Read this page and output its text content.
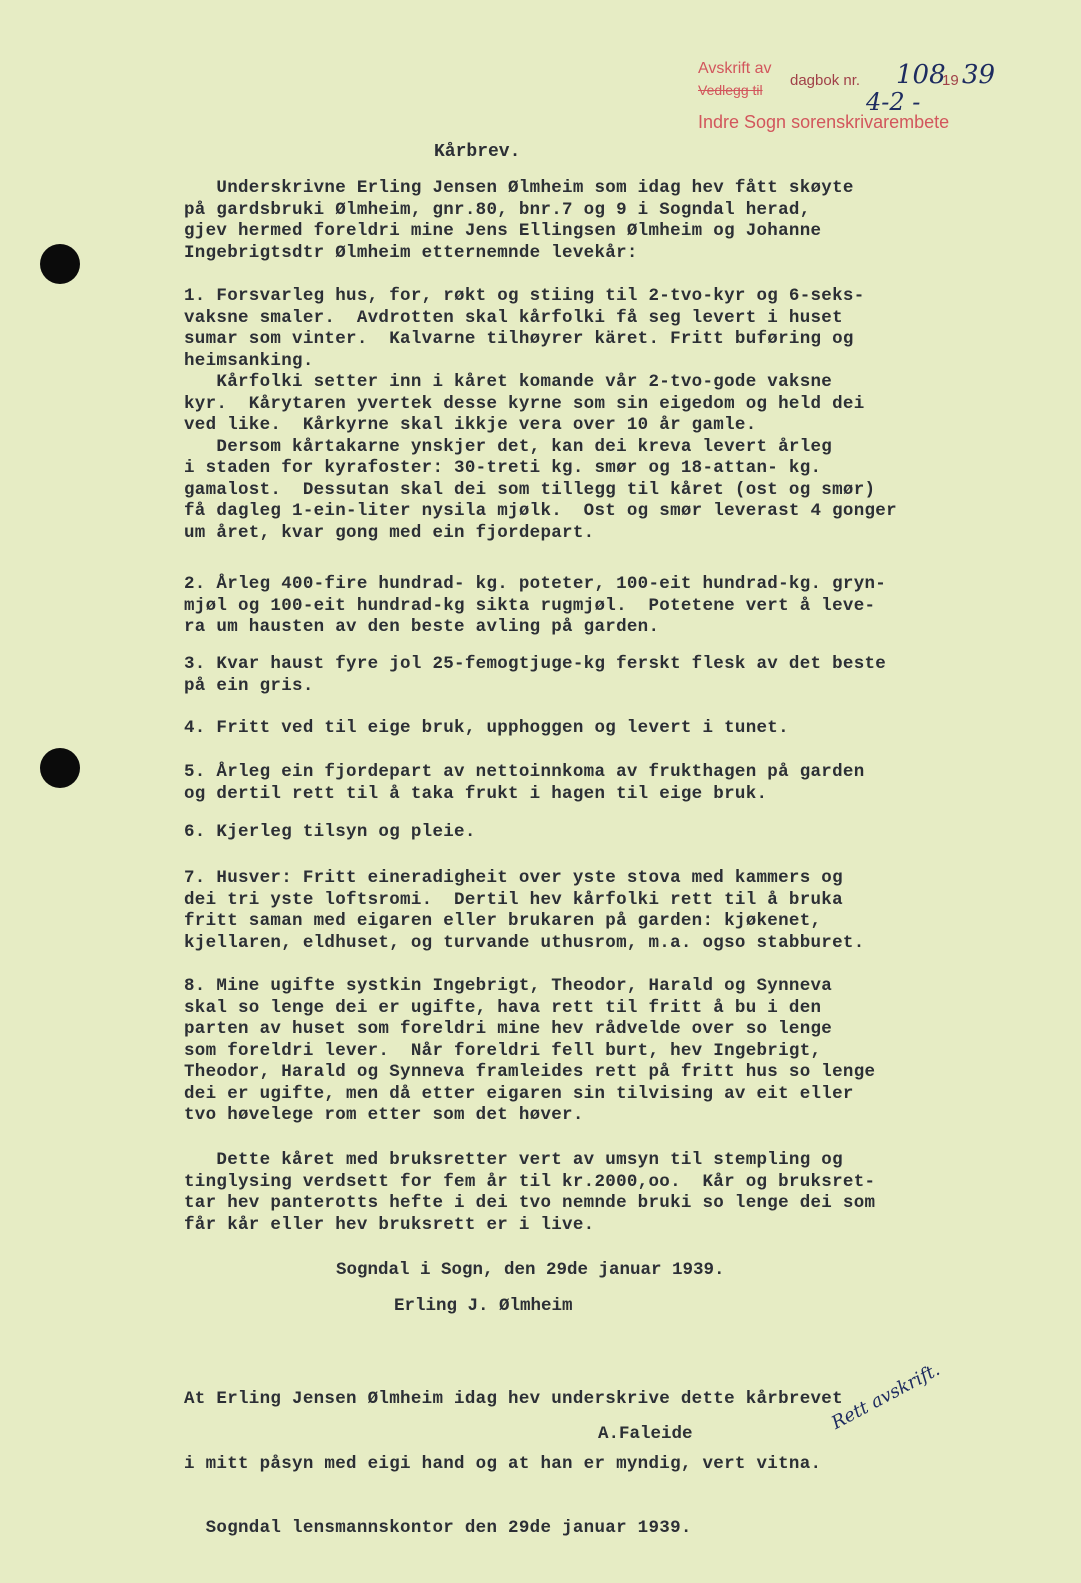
Avskrift av
Vedlegg til
dagbok nr. 108
19 39
4-2 -
Indre Sogn sorenskrivarembete
Kårbrev.
Underskrivne Erling Jensen Ølmheim som idag hev fått skøyte
på gardsbruki Ølmheim, gnr.80, bnr.7 og 9 i Sogndal herad,
gjev hermed foreldri mine Jens Ellingsen Ølmheim og Johanne
Ingebrigtsdtr Ølmheim etternemnde levekår:
1. Forsvarleg hus, for, røkt og stiing til 2-tvo-kyr og 6-seks-
vaksne smaler.  Avdrotten skal kårfolki få seg levert i huset
sumar som vinter.  Kalvarne tilhøyrer käret. Fritt buføring og
heimsanking.
Kårfolki setter inn i kåret komande vår 2-tvo-gode vaksne
kyr.  Kårytaren yvertek desse kyrne som sin eigedom og held dei
ved like.  Kårkyrne skal ikkje vera over 10 år gamle.
Dersom kårtakarne ynskjer det, kan dei kreva levert årleg
i staden for kyrafoster: 30-treti kg. smør og 18-attan- kg.
gamalost.  Dessutan skal dei som tillegg til kåret (ost og smør)
få dagleg 1-ein-liter nysila mjølk.  Ost og smør leverast 4 gonger
um året, kvar gong med ein fjordepart.
2. Årleg 400-fire hundrad- kg. poteter, 100-eit hundrad-kg. gryn-
mjøl og 100-eit hundrad-kg sikta rugmjøl.  Potetene vert å leve-
ra um hausten av den beste avling på garden.
3. Kvar haust fyre jol 25-femogtjuge-kg ferskt flesk av det beste
på ein gris.
4. Fritt ved til eige bruk, upphoggen og levert i tunet.
5. Årleg ein fjordepart av nettoinnkoma av frukthagen på garden
og dertil rett til å taka frukt i hagen til eige bruk.
6. Kjerleg tilsyn og pleie.
7. Husver: Fritt eineradigheit over yste stova med kammers og
dei tri yste loftsromi.  Dertil hev kårfolki rett til å bruka
fritt saman med eigaren eller brukaren på garden: kjøkenet,
kjellaren, eldhuset, og turvande uthusrom, m.a. ogso stabburet.
8. Mine ugifte systkin Ingebrigt, Theodor, Harald og Synneva
skal so lenge dei er ugifte, hava rett til fritt å bu i den
parten av huset som foreldri mine hev rådvelde over so lenge
som foreldri lever.  Når foreldri fell burt, hev Ingebrigt,
Theodor, Harald og Synneva framleides rett på fritt hus so lenge
dei er ugifte, men då etter eigaren sin tilvising av eit eller
tvo høvelege rom etter som det høver.
Dette kåret med bruksretter vert av umsyn til stempling og
tinglysing verdsett for fem år til kr.2000,oo.  Kår og bruksret-
tar hev panterotts hefte i dei tvo nemnde bruki so lenge dei som
får kår eller hev bruksrett er i live.
Sogndal i Sogn, den 29de januar 1939.
Erling J. Ølmheim

At Erling Jensen Ølmheim idag hev underskrive dette kårbrevet

i mitt påsyn med eigi hand og at han er myndig, vert vitna.

Sogndal lensmannskontor den 29de januar 1939.

A.Faleide
Rett avskrift.
